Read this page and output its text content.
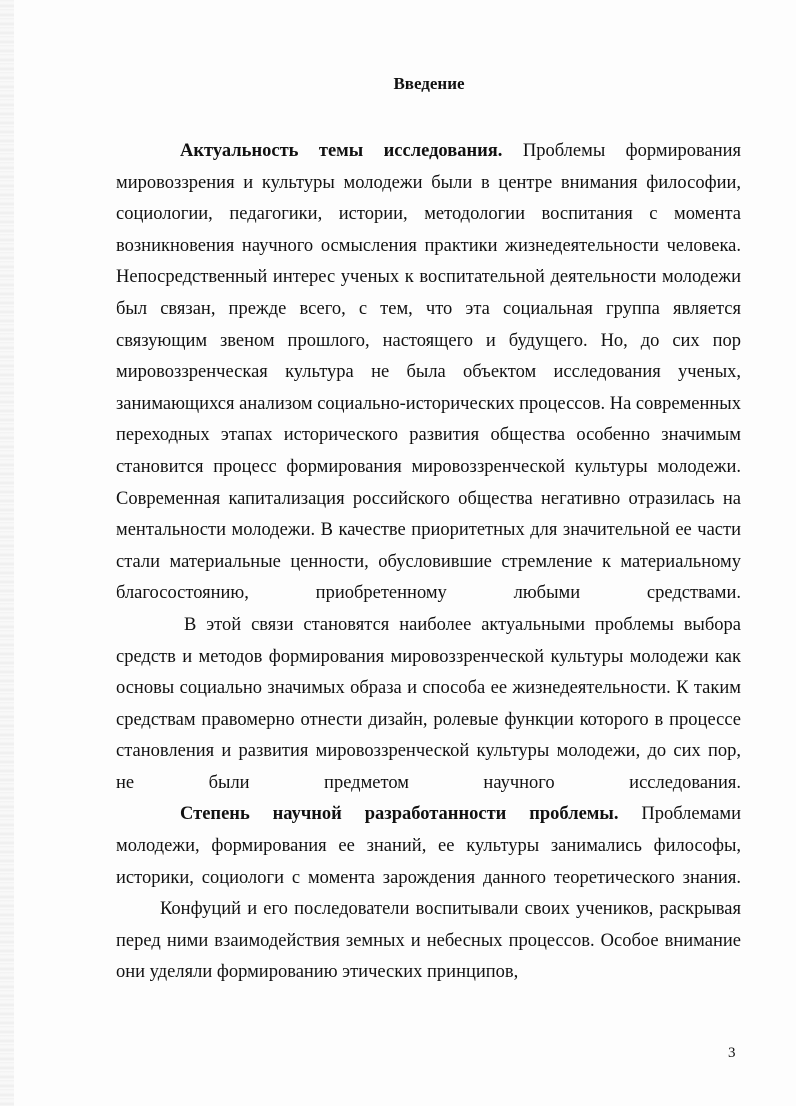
Введение

Актуальность темы исследования. Проблемы формирования мировоззрения и культуры молодежи были в центре внимания философии, социологии, педагогики, истории, методологии воспитания с момента возникновения научного осмысления практики жизнедеятельности человека. Непосредственный интерес ученых к воспитательной деятельности молодежи был связан, прежде всего, с тем, что эта социальная группа является связующим звеном прошлого, настоящего и будущего. Но, до сих пор мировоззренческая культура не была объектом исследования ученых, занимающихся анализом социально-исторических процессов. На современных переходных этапах исторического развития общества особенно значимым становится процесс формирования мировоззренческой культуры молодежи. Современная капитализация российского общества негативно отразилась на ментальности молодежи. В качестве приоритетных для значительной ее части стали материальные ценности, обусловившие стремление к материальному благосостоянию, приобретенному любыми средствами.

В этой связи становятся наиболее актуальными проблемы выбора средств и методов формирования мировоззренческой культуры молодежи как основы социально значимых образа и способа ее жизнедеятельности. К таким средствам правомерно отнести дизайн, ролевые функции которого в процессе становления и развития мировоззренческой культуры молодежи, до сих пор, не были предметом научного исследования.

Степень научной разработанности проблемы. Проблемами молодежи, формирования ее знаний, ее культуры занимались философы, историки, социологи с момента зарождения данного теоретического знания.

Конфуций и его последователи воспитывали своих учеников, раскрывая перед ними взаимодействия земных и небесных процессов. Особое внимание они уделяли формированию этических принципов,

3
